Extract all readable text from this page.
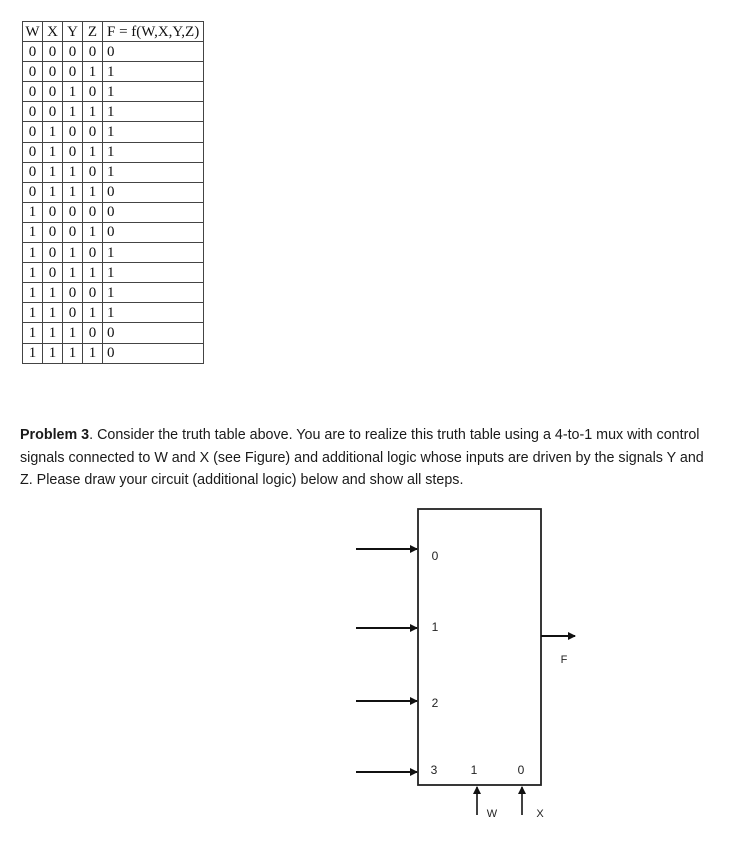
W	X	Y	Z	F = f(W,X,Y,Z)
0	0	0	0	0
0	0	0	1	1
0	0	1	0	1
0	0	1	1	1
0	1	0	0	1
0	1	0	1	1
0	1	1	0	1
0	1	1	1	0
1	0	0	0	0
1	0	0	1	0
1	0	1	0	1
1	0	1	1	1
1	1	0	0	1
1	1	0	1	1
1	1	1	0	0
1	1	1	1	0
Problem 3. Consider the truth table above. You are to realize this truth table using a 4-to-1 mux with control signals connected to W and X (see Figure) and additional logic whose inputs are driven by the signals Y and Z. Please draw your circuit (additional logic) below and show all steps.
0
1
2
3	1	0
F
W	X
